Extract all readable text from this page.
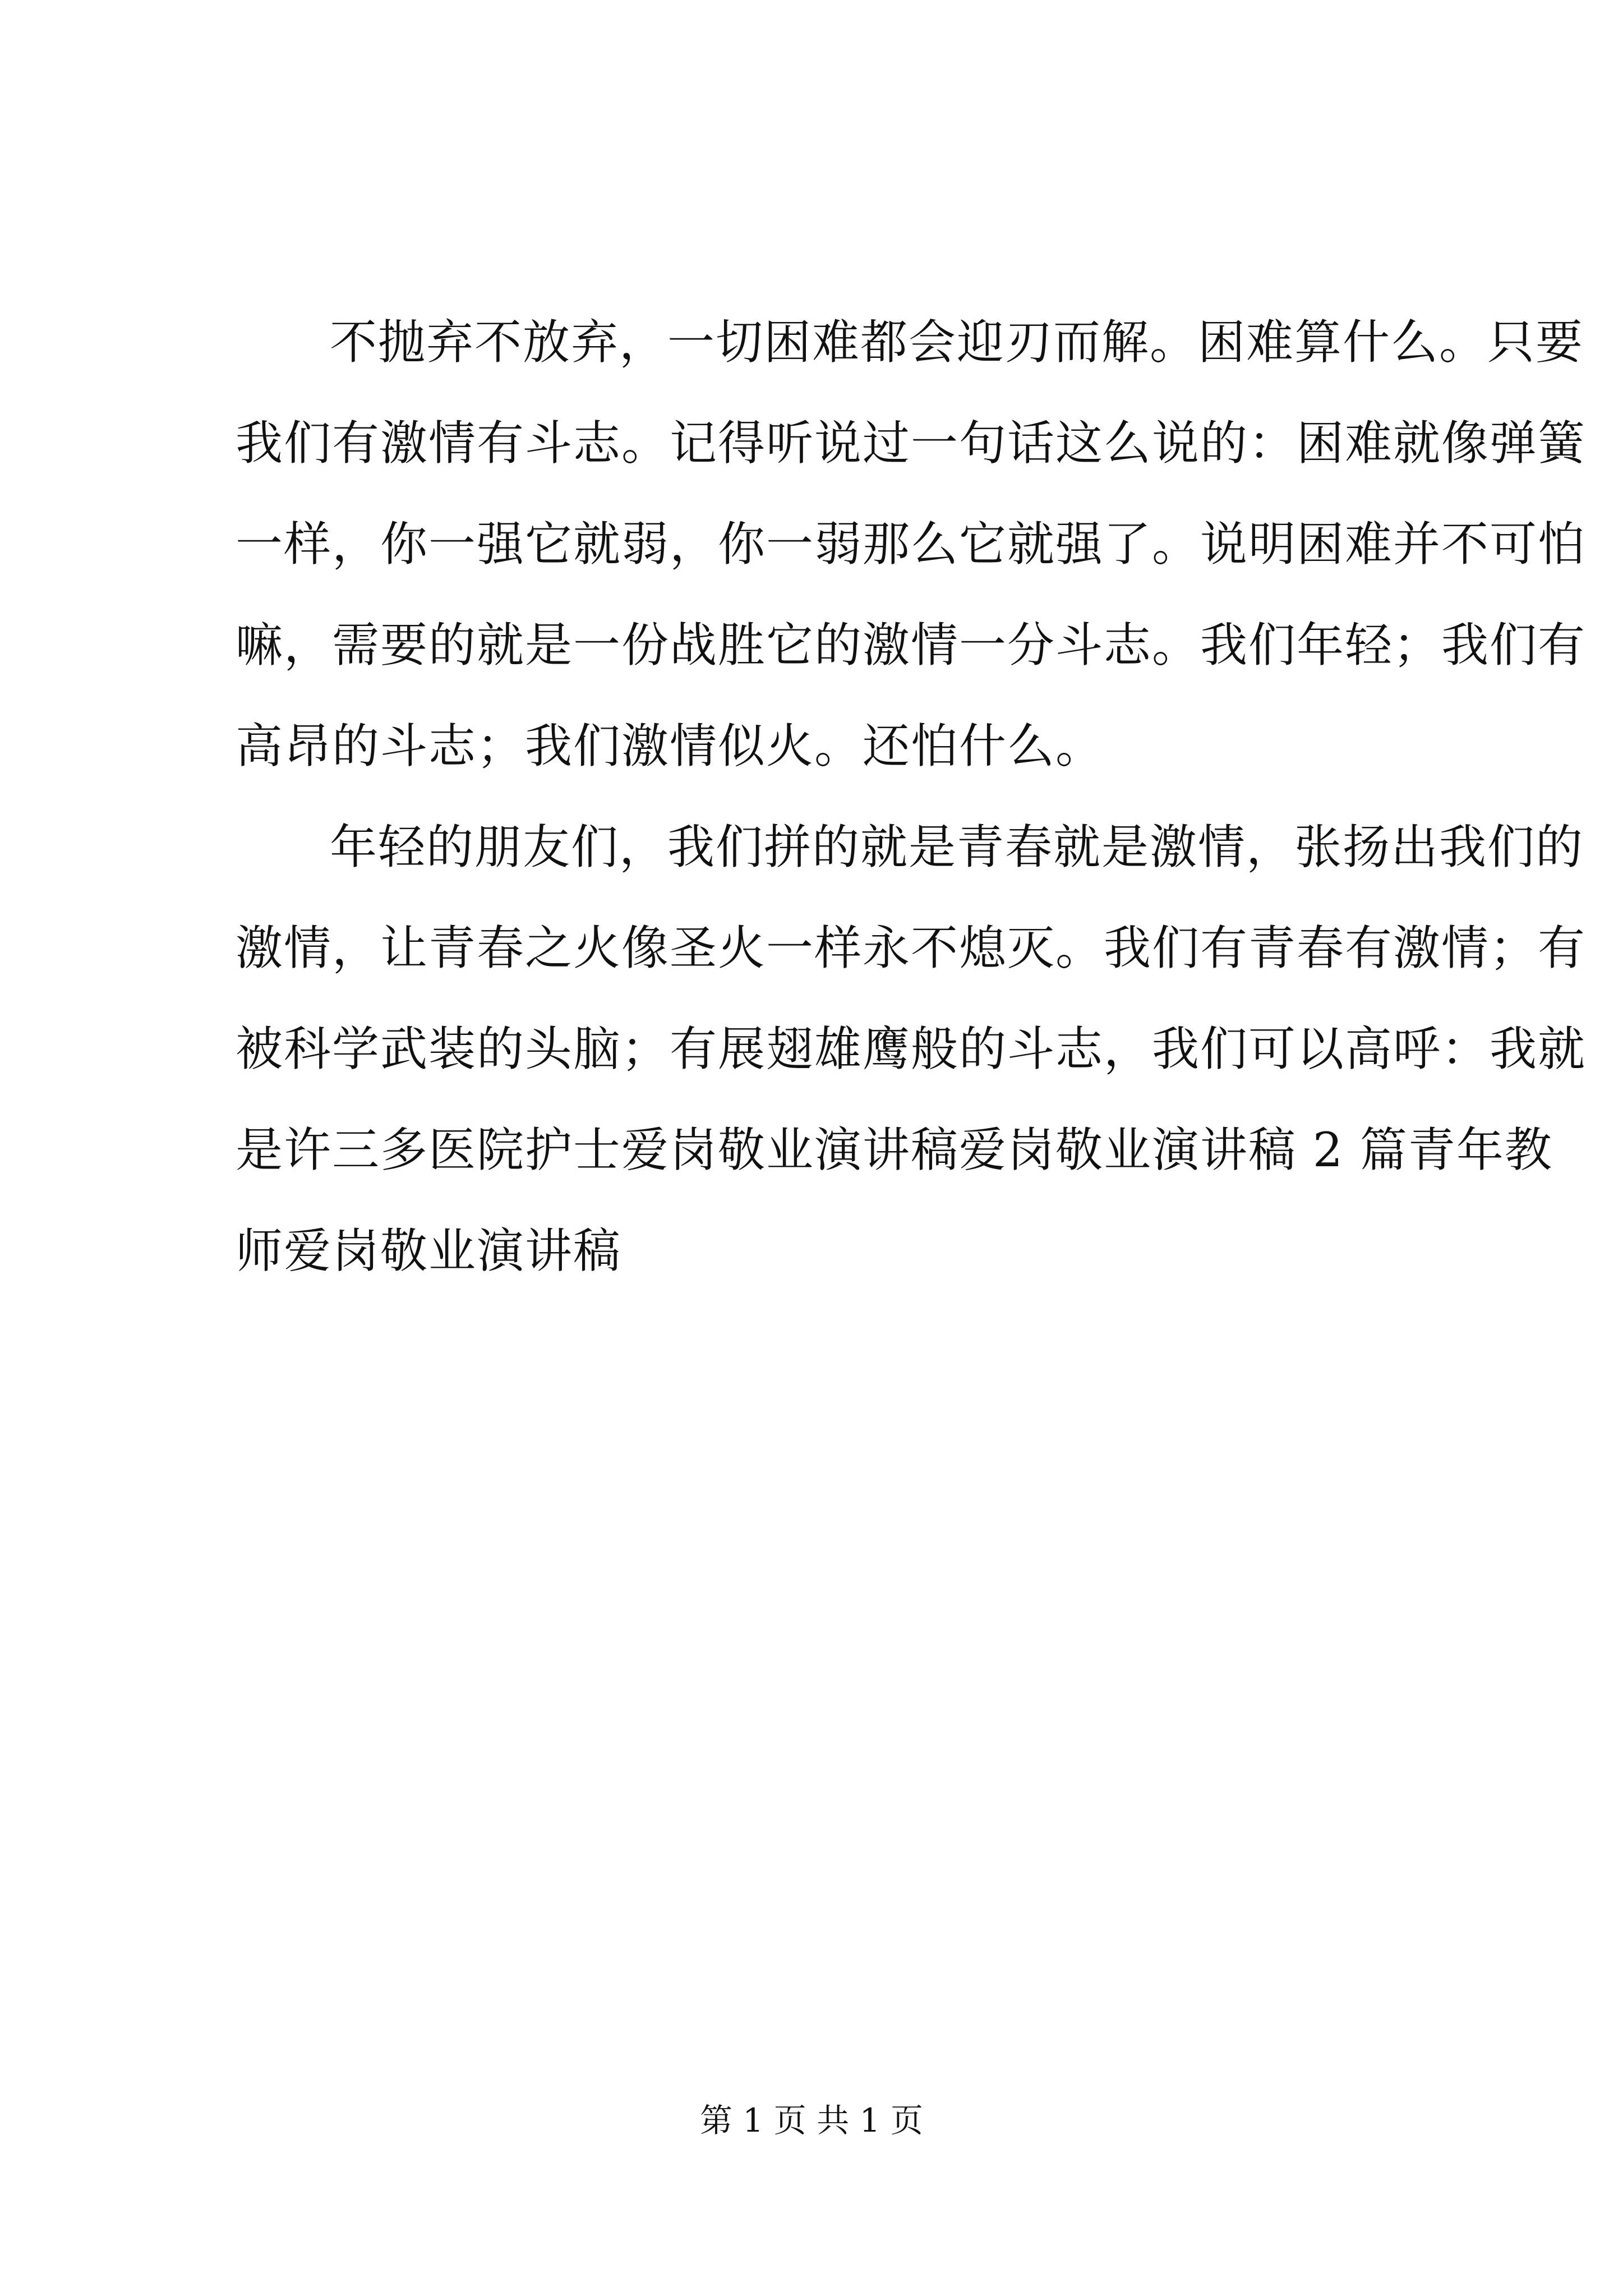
不抛弃不放弃，一切困难都会迎刃而解。困难算什么。只要
我们有激情有斗志。记得听说过一句话这么说的：困难就像弹簧
一样，你一强它就弱，你一弱那么它就强了。说明困难并不可怕
嘛，需要的就是一份战胜它的激情一分斗志。我们年轻；我们有
高昂的斗志；我们激情似火。还怕什么。
年轻的朋友们，我们拼的就是青春就是激情，张扬出我们的
激情，让青春之火像圣火一样永不熄灭。我们有青春有激情；有
被科学武装的头脑；有展翅雄鹰般的斗志，我们可以高呼：我就
是许三多医院护士爱岗敬业演讲稿爱岗敬业演讲稿 2 篇青年教
师爱岗敬业演讲稿
第 1 页 共 1 页
